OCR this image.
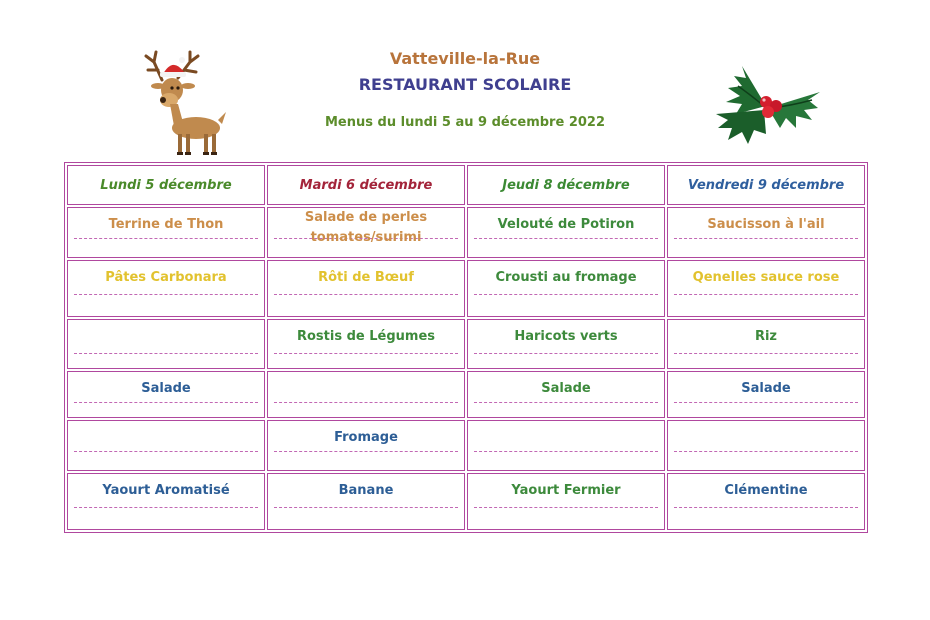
Vatteville-la-Rue
RESTAURANT SCOLAIRE
Menus du lundi 5 au 9 décembre 2022
Lundi 5 décembre	Mardi 6 décembre	Jeudi 8 décembre	Vendredi 9 décembre

Terrine de Thon	Salade de perles tomates/surimi	Velouté de Potiron	Saucisson à l'ail

Pâtes Carbonara	Rôti de Bœuf	Crousti au fromage	Qenelles sauce rose

	Rostis de Légumes	Haricots verts	Riz

Salade		Salade	Salade

	Fromage		

Yaourt Aromatisé	Banane	Yaourt Fermier	Clémentine
